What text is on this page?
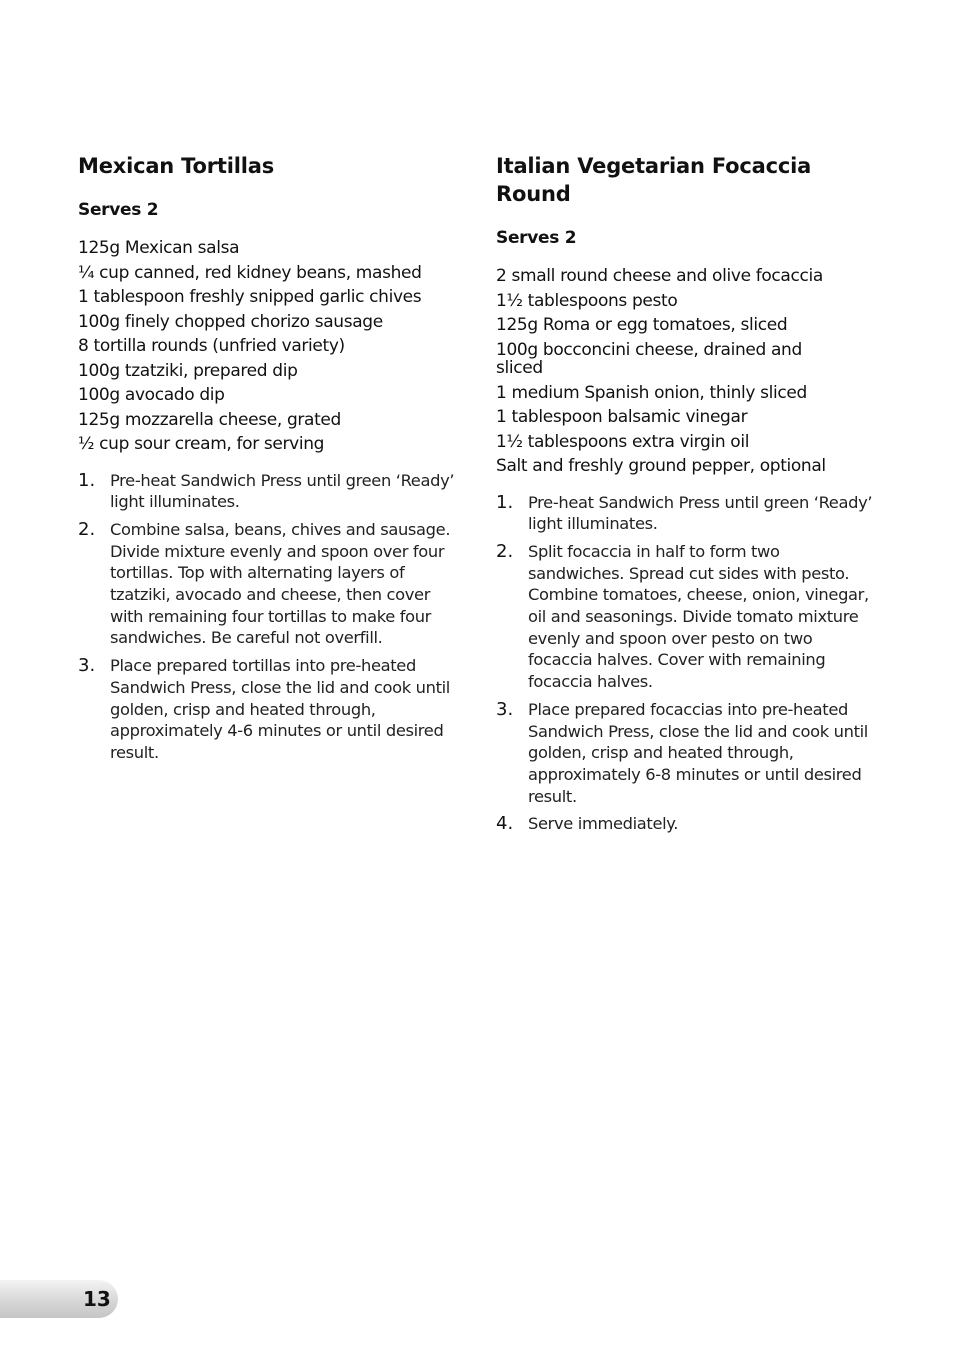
Mexican Tortillas
Serves 2
125g Mexican salsa
¼ cup canned, red kidney beans, mashed
1 tablespoon freshly snipped garlic chives
100g finely chopped chorizo sausage
8 tortilla rounds (unfried variety)
100g tzatziki, prepared dip
100g avocado dip
125g mozzarella cheese, grated
½ cup sour cream, for serving
1. Pre-heat Sandwich Press until green ‘Ready’ light illuminates.
2. Combine salsa, beans, chives and sausage. Divide mixture evenly and spoon over four tortillas. Top with alternating layers of tzatziki, avocado and cheese, then cover with remaining four tortillas to make four sandwiches. Be careful not overfill.
3. Place prepared tortillas into pre-heated Sandwich Press, close the lid and cook until golden, crisp and heated through, approximately 4-6 minutes or until desired result.
Italian Vegetarian Focaccia Round
Serves 2
2 small round cheese and olive focaccia
1½ tablespoons pesto
125g Roma or egg tomatoes, sliced
100g bocconcini cheese, drained and sliced
1 medium Spanish onion, thinly sliced
1 tablespoon balsamic vinegar
1½ tablespoons extra virgin oil
Salt and freshly ground pepper, optional
1. Pre-heat Sandwich Press until green ‘Ready’ light illuminates.
2. Split focaccia in half to form two sandwiches. Spread cut sides with pesto. Combine tomatoes, cheese, onion, vinegar, oil and seasonings. Divide tomato mixture evenly and spoon over pesto on two focaccia halves. Cover with remaining focaccia halves.
3. Place prepared focaccias into pre-heated Sandwich Press, close the lid and cook until golden, crisp and heated through, approximately 6-8 minutes or until desired result.
4. Serve immediately.
13
